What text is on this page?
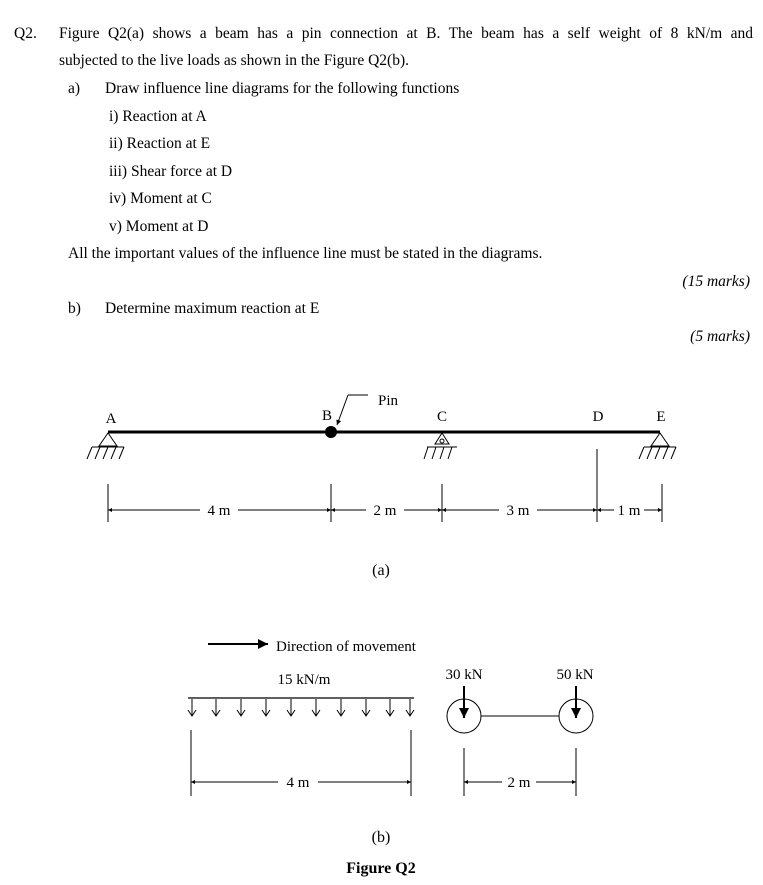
Q2. Figure Q2(a) shows a beam has a pin connection at B. The beam has a self weight of 8 kN/m and
subjected to the live loads as shown in the Figure Q2(b).
a) Draw influence line diagrams for the following functions
i) Reaction at A
ii) Reaction at E
iii) Shear force at D
iv) Moment at C
v) Moment at D
All the important values of the influence line must be stated in the diagrams.
(15 marks)
b) Determine maximum reaction at E
(5 marks)
A	B	C	D	E
Pin
4 m	2 m	3 m	1 m
(a)
Direction of movement
15 kN/m
4 m
30 kN	50 kN
2 m
(b)
Figure Q2
